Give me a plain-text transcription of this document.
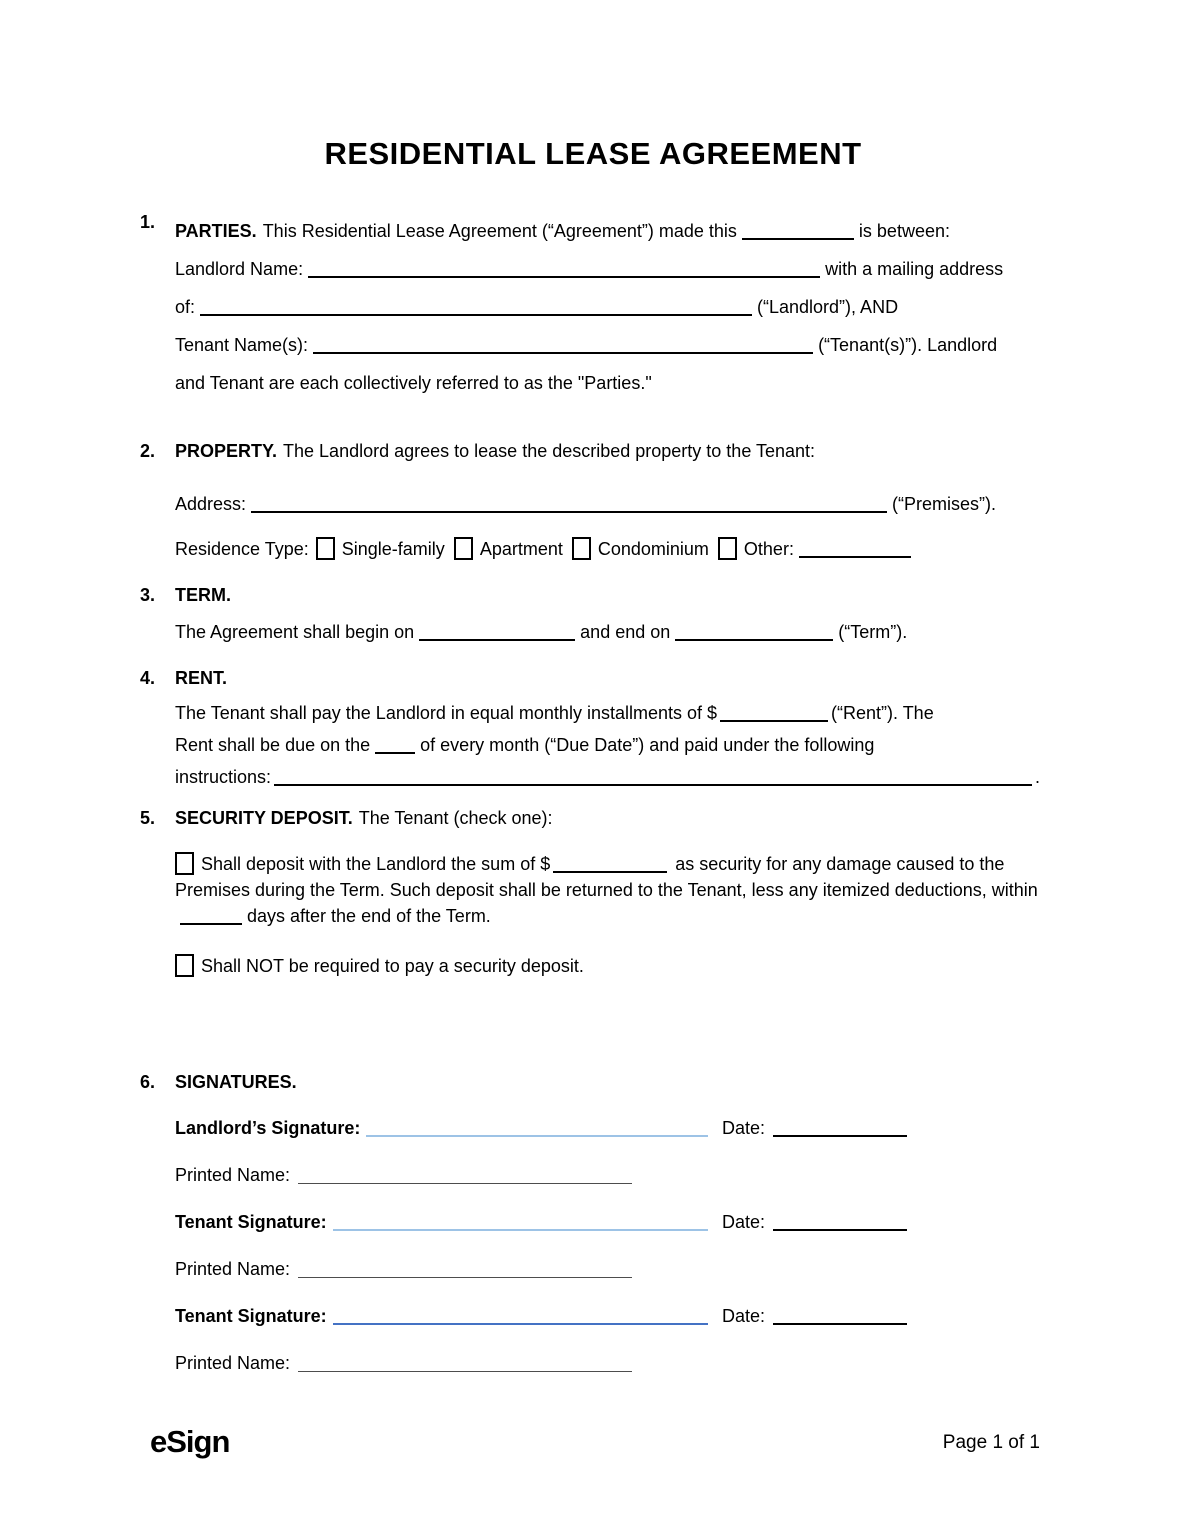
RESIDENTIAL LEASE AGREEMENT
1.	PARTIES. This Residential Lease Agreement (“Agreement”) made this	is between:
Landlord Name:	with a mailing address
of:	(“Landlord”), AND
Tenant Name(s):	(“Tenant(s)”). Landlord
and Tenant are each collectively referred to as the "Parties."
2.	PROPERTY. The Landlord agrees to lease the described property to the Tenant:
Address:	(“Premises”).
Residence Type: Single-family Apartment Condominium Other:
3.	TERM.
The Agreement shall begin on	and end on	(“Term”).
4.	RENT.
The Tenant shall pay the Landlord in equal monthly installments of $	(“Rent”). The
Rent shall be due on the	of every month (“Due Date”) and paid under the following
instructions:	.
5.	SECURITY DEPOSIT. The Tenant (check one):
Shall deposit with the Landlord the sum of $	as security for any damage caused to the Premises during the Term. Such deposit shall be returned to the Tenant, less any itemized deductions, withindays after the end of the Term.
Shall NOT be required to pay a security deposit.
6.	SIGNATURES.
Landlord’s Signature:	Date:
Printed Name:
Tenant Signature:	Date:
Printed Name:
Tenant Signature:	Date:
Printed Name:
eSign	Page 1 of 1
